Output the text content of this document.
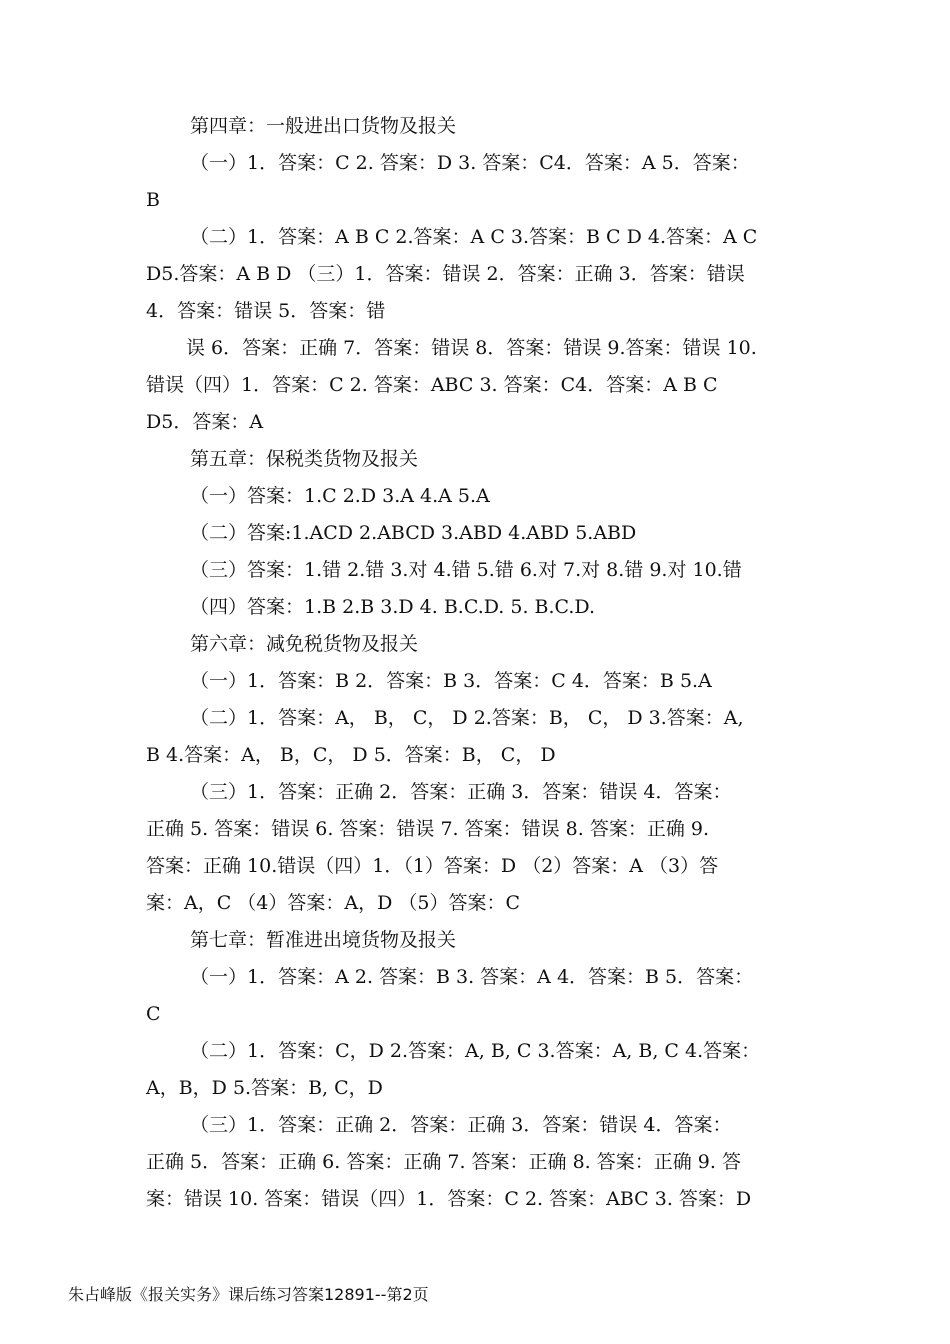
第四章：一般进出口货物及报关
（一）1．答案：C 2. 答案：D 3. 答案：C4．答案：A 5．答案：
B
（二）1．答案：A B C 2.答案：A C 3.答案：B C D 4.答案：A C
D5.答案：A B D （三）1．答案：错误 2．答案：正确 3．答案：错误
4．答案：错误 5．答案：错
误 6．答案：正确 7．答案：错误 8．答案：错误 9.答案：错误 10.
错误（四）1．答案：C 2. 答案：ABC 3. 答案：C4．答案：A B C
D5．答案：A
第五章：保税类货物及报关
（一）答案：1.C 2.D 3.A 4.A 5.A
（二）答案:1.ACD 2.ABCD 3.ABD 4.ABD 5.ABD
（三）答案：1.错 2.错 3.对 4.错 5.错 6.对 7.对 8.错 9.对 10.错
（四）答案：1.B 2.B 3.D 4. B.C.D. 5. B.C.D.
第六章：减免税货物及报关
（一）1．答案：B 2．答案：B 3．答案：C 4．答案：B 5.A
（二）1．答案：A， B， C， D 2.答案：B， C， D 3.答案：A,
B 4.答案：A， B，C， D 5．答案：B， C， D
（三）1．答案：正确 2．答案：正确 3．答案：错误 4．答案：
正确 5. 答案：错误 6. 答案：错误 7. 答案：错误 8. 答案：正确 9.
答案：正确 10.错误（四）1．（1）答案：D （2）答案：A （3）答
案：A，C （4）答案：A，D （5）答案：C
第七章：暂准进出境货物及报关
（一）1．答案：A 2. 答案：B 3. 答案：A 4．答案：B 5．答案：
C
（二）1．答案：C，D 2.答案：A, B, C 3.答案：A, B, C 4.答案：
A，B，D 5.答案：B, C，D
（三）1．答案：正确 2．答案：正确 3．答案：错误 4．答案：
正确 5．答案：正确 6. 答案：正确 7. 答案：正确 8. 答案：正确 9. 答
案：错误 10. 答案：错误（四）1．答案：C 2. 答案：ABC 3. 答案：D
朱占峰版《报关实务》课后练习答案12891--第2页
